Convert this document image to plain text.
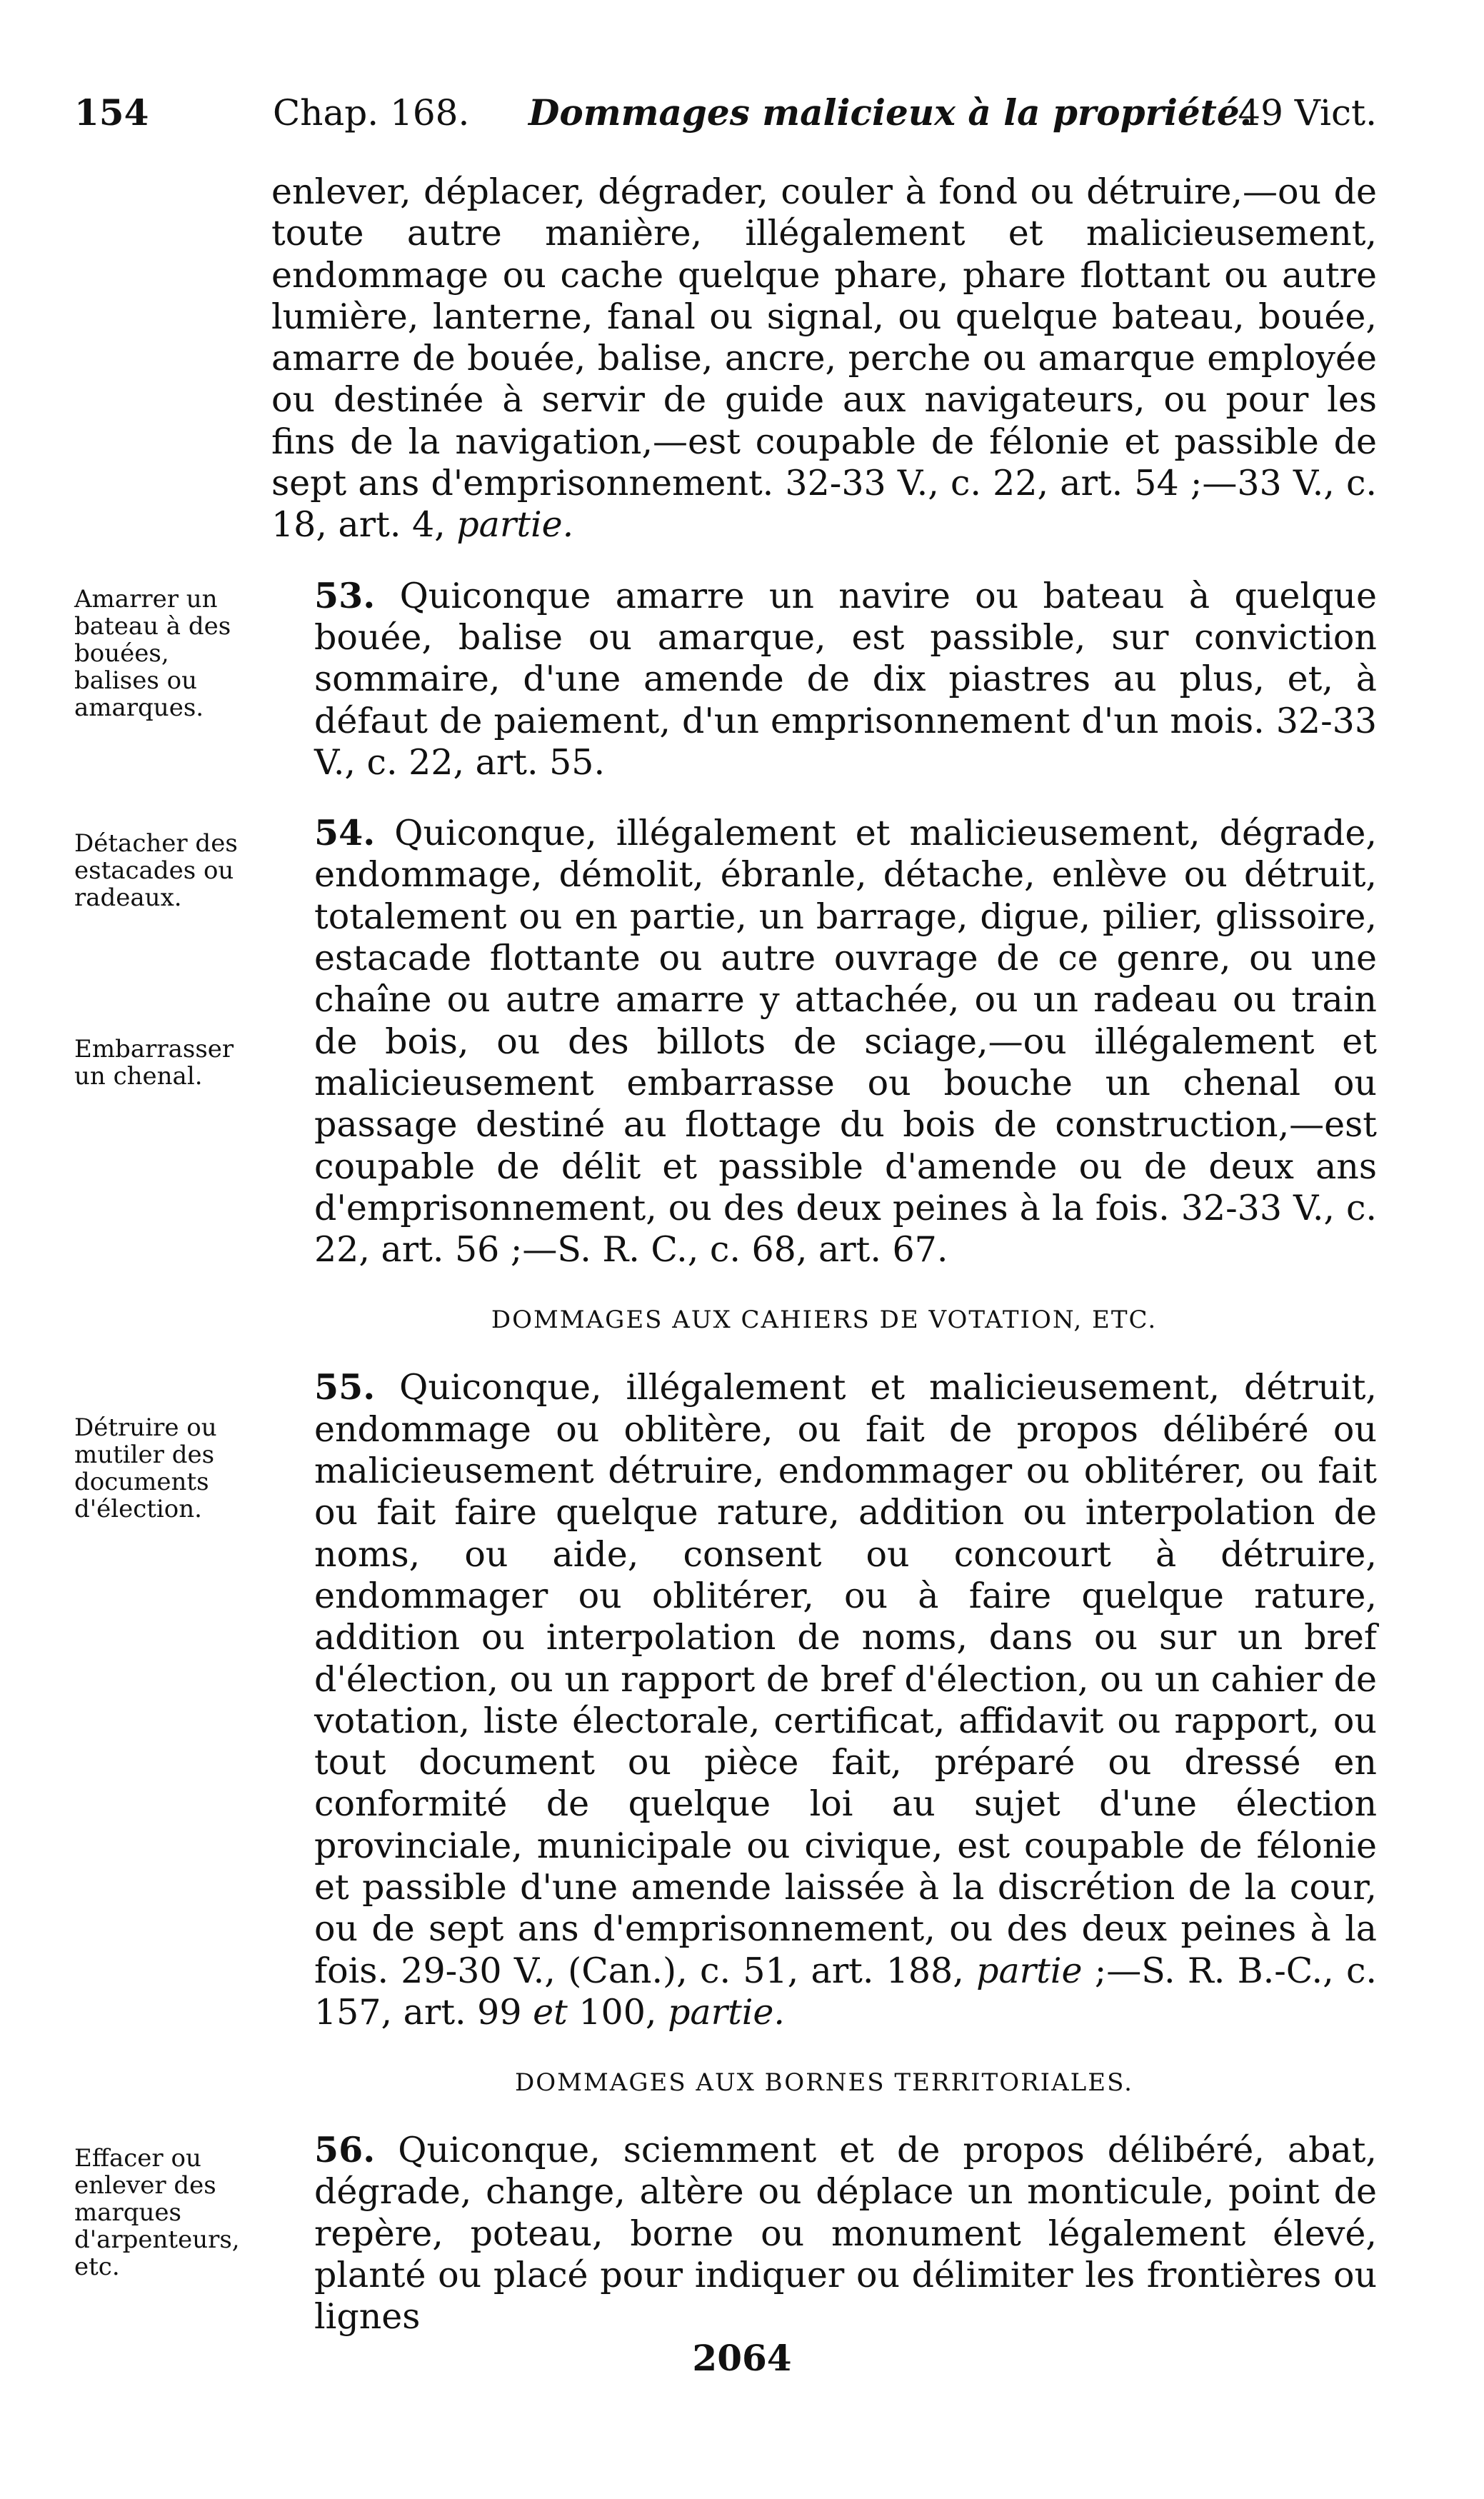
154	Chap. 168. Dommages malicieux à la propriété.
49 Vict.
Amarrer un bateau à des bouées, balises ou amarques.
Détacher des estacades ou radeaux.
Embarrasser un chenal.
Détruire ou mutiler des documents d'élection.
Effacer ou enlever des marques d'arpenteurs, etc.

enlever, déplacer, dégrader, couler à fond ou détruire,—ou de toute autre manière, illégalement et malicieusement, endommage ou cache quelque phare, phare flottant ou autre lumière, lanterne, fanal ou signal, ou quelque bateau, bouée, amarre de bouée, balise, ancre, perche ou amarque employée ou destinée à servir de guide aux navigateurs, ou pour les fins de la navigation,—est coupable de félonie et passible de sept ans d'emprisonnement. 32-33 V., c. 22, art. 54 ;—33 V., c. 18, art. 4, partie.

53. Quiconque amarre un navire ou bateau à quelque bouée, balise ou amarque, est passible, sur conviction sommaire, d'une amende de dix piastres au plus, et, à défaut de paiement, d'un emprisonnement d'un mois. 32-33 V., c. 22, art. 55.

54. Quiconque, illégalement et malicieusement, dégrade, endommage, démolit, ébranle, détache, enlève ou détruit, totalement ou en partie, un barrage, digue, pilier, glissoire, estacade flottante ou autre ouvrage de ce genre, ou une chaîne ou autre amarre y attachée, ou un radeau ou train de bois, ou des billots de sciage,—ou illégalement et malicieusement embarrasse ou bouche un chenal ou passage destiné au flottage du bois de construction,—est coupable de délit et passible d'amende ou de deux ans d'emprisonnement, ou des deux peines à la fois. 32-33 V., c. 22, art. 56 ;—S. R. C., c. 68, art. 67.

DOMMAGES AUX CAHIERS DE VOTATION, ETC.

55. Quiconque, illégalement et malicieusement, détruit, endommage ou oblitère, ou fait de propos délibéré ou malicieusement détruire, endommager ou oblitérer, ou fait ou fait faire quelque rature, addition ou interpolation de noms, ou aide, consent ou concourt à détruire, endommager ou oblitérer, ou à faire quelque rature, addition ou interpolation de noms, dans ou sur un bref d'élection, ou un rapport de bref d'élection, ou un cahier de votation, liste électorale, certificat, affidavit ou rapport, ou tout document ou pièce fait, préparé ou dressé en conformité de quelque loi au sujet d'une élection provinciale, municipale ou civique, est coupable de félonie et passible d'une amende laissée à la discrétion de la cour, ou de sept ans d'emprisonnement, ou des deux peines à la fois. 29-30 V., (Can.), c. 51, art. 188, partie ;—S. R. B.-C., c. 157, art. 99 et 100, partie.

DOMMAGES AUX BORNES TERRITORIALES.

56. Quiconque, sciemment et de propos délibéré, abat, dégrade, change, altère ou déplace un monticule, point de repère, poteau, borne ou monument légalement élevé, planté ou placé pour indiquer ou délimiter les frontières ou lignes

2064
